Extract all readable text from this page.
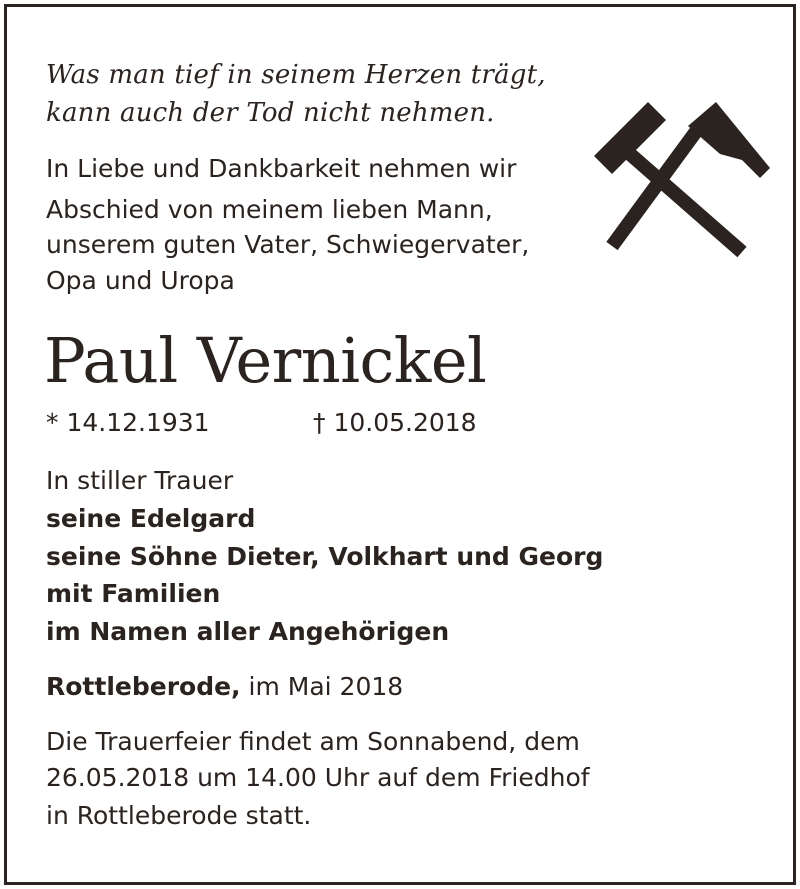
Was man tief in seinem Herzen trägt,
kann auch der Tod nicht nehmen.
In Liebe und Dankbarkeit nehmen wir
Abschied von meinem lieben Mann,
unserem guten Vater, Schwiegervater,
Opa und Uropa
Paul Vernickel
* 14.12.1931	† 10.05.2018
In stiller Trauer
seine Edelgard
seine Söhne Dieter, Volkhart und Georg
mit Familien
im Namen aller Angehörigen
Rottleberode, im Mai 2018
Die Trauerfeier findet am Sonnabend, dem
26.05.2018 um 14.00 Uhr auf dem Friedhof
in Rottleberode statt.
